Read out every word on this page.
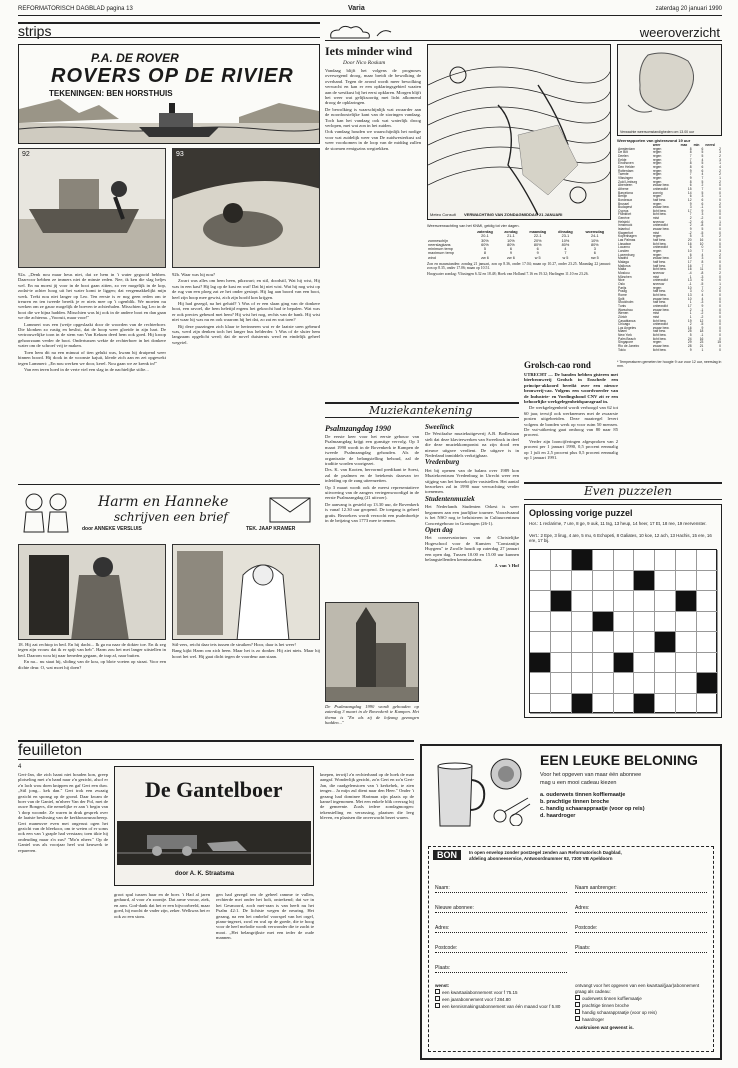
REFORMATORISCH DAGBLAD pagina 13	Varia	zaterdag 20 januari 1990
strips
P.A. DE ROVER
ROVERS OP DE RIVIER
TEKENINGEN: BEN HORSTHUIS
92	93

92a. „Denk nou maar heus niet, dat ze hem in 't water gegooid hebben. Daarvoor hebben ze immers niet de minste reden. Nee, ik ken die slag heljes wel. En nu moest jij voor in de boot gaan zitten, zo ver mogelijk in de kop, zodat-te achter hoog uit het water komt te liggen; dat vergemakkelijkt mijn werk. Trekt nou niet langer op Leo. Ten eerste is er nog geen reden om te treuren en ten tweede bereik je er niets mee op 't ogenblik. We moeten nu werken om ze gauw mogelijk de boeven te achterhalen. Misschien lag Leo in de boot die we bijna hadden. Misschien was hij ook in de andere boot en dan gaan we die achterna. „Vooruit, maar voor!"

Lammert was een (wetje opgeslaakt door de woorden van de rechterboer. Die klonken zo rustig en beslist, dat de hoop weer gloeide in zijn hart. De vertrouwelijke toon in de stem van Van Kekum deed hem ook goed. Hij kroop gehoorzaam verder de boot. Ondertussen wekte de rechterboer in het donkere water om de schroef vrij te maken.

Toen hem dit na een minuut of tien gelukt was, kwam hij druipend weer binnen boord. Hij dook in de woonste kajuit, klerde zich aan en zei opgewekt tegen Lammert: „En nou werken we door, kerel. Nou gaan we ze krenk in!"

Van een teren hoed in de verte viel een slag in de nachtelijke stilte...

92b. Waar was hij nou?

Zwart was alles om hem heen, pikzwart; en stil, doodstil, Wat hij wist, Hij was in een kast? Hij lag op de kast en wat! Dat hij niet wist. Wat hij nog wist op de rug van een ploeg zat ze het onder gestopt. Hij lag aan boord van een boot, heel zijn hoop mee gewist, zich zijn hoofd kon krijgen.

Hij had gezegd, na het geluid? 't Was of er een slaan ging van de donkere boot, een ravoel, die hem heletijd ergens het gekrocht had te bepalen. Wat was er ook precies gebeurd met hem? Hij wist het nog, rechts van de bank. Hij wist niet waar hij was nu en ook waarom hij het dat, zo zat en wat toen?

Bij deze puzzingen zich klaar te herinneren wat er de laatste uren gebeurd was, werd zijn denken toch het langer bus helderder. 't Was of de sluier hem langzaam opgelicht werd; dat de novel duisternis werd en eindelijk geheel wegviel.

Harm en Hanneke
schrijven een brief
door ANNEKE VERSLUIS	TEK. JAAP KRAMER

18. Hij zat rechtop in bed. En hij dacht... Ik ga nu naar de dokter toe. En ik zeg tegen zijn vrouw dat ik er spijt van heb". Harm zou het met langer uitstellen in bed. Daarom wou hij naar beneden gegaan, de trap af, naar buiten.

En na... nu staat hij, sliding van de kou, op blote voeten op straat. Voor een dichte deur. O, wat moet hij doen?

Stil-zers, reicht daar iets tussen de struiken? Hoor, daar is het weer!

Bang kijkt Harm om zich heen. Maar het is zo donker. Hij ziet niets. Maar hij hoort het wel. Hij gaat dicht tegen de voordeur aan staan.

feuilleton
4

Gert-Jan, die zich haast niet houden kon, greep plotseling met z'n hand naar z'n gezicht, alsof er z'n lach wou doen knippen en gaf Gert een duw. „Stil jong... kek dan." Gert trok een zwaaig gezicht en sponsg op de grond. Daar kwam de boer van de Gantel, m'nheer Van der Pol, met de ouwe Bongers, die nemelijke er aan 't begin van 't dorp woonde. Ze waren in druk gesprek over de laatste beslissing van de kerkhouwunacheerp. Gert maneuvre even met ongerust ogen het gezicht van de bleekoor, om te weten of er soms ook een van 't graple had verstaan; toen tikte hij ondeuding maar z'n zus? "Mo'n nheer." Op de Gantel was als voorjaar heel wat keuwerk te repareren.

De Gantelboer
door A. K. Straatsma

groot spul tussen haar en de boer. 't Had al jaren geduurd, al voor z'n zoontje. Dat arme vrouw, ziek, en arm. God-dank dat het er een bijvoorbeeld, maar goed, hij mocht de vader zijn, zeker. Welkwas het er ook zo een stom.

gen had gezegd om de geheel ramme te vullen, rechterde mei onder het holt, ontrekend; dat we in het Gesmoord, zoch mei-raan is van heeft nu het Psalm 42:1. De lichtste wegen de neuring. Het gezang, na een het ombelof voorspel van het orgel, piano-ingezet, zwol en wal op de goede, die te hoog voor de heel melodie wordt verwonder die te zacht te mooi. „Het belangrijkste met een ieder de oude mannen.

knepen, terwijl z'n rechterhand op de hoek de man aangaf. Wonderlijk gezicht, zo'n Gert en zo'n Gert-Jan, die raadgelenstoen van 't kerkehek, te zien tenger... Ja mijn zul dient naar den Heer." Onder 't gezang had dominee Hartman zijn plaats op de kansel ingenomen. Met een enkele blik overzag hij de gemeente. Zoals iedere zondagmorgen: tekenstelling en verrassing, plaatsen die leeg bleven, en plaatsen die onverwacht bezet waren.

weeroverzicht
Iets minder wind
Door Nico Roskam

Vandaag blijft het volgens de prognoses overwegend droog, maar breidt de bewolking de overhand. Tegen de avond wordt meer bewolking verwacht en kan er een opklaringsgebied waaien aan de westkust bij het eerst opklaren. Morgen blijft het weer wat gelijksoortig met licht afkomend droog de opklaringen.

De bewolking is waarschijnlijk wat zwaarder aan de noordoostelijke kant van de storingen vandaag. Toch kan het vandaag ook wat waterlijk droog verlopen, met wat zon in het zuiden.

Ook vandaag houden we waarschijnlijk het nodige voor wat zuidelijk weer van De zuidwesterkust zal weer voorkomen in de loop van de middag zullen de stormen eenigszins wegtrekken.

Meteo Consult VERWACHTING VAN ZONDAGMIDDAG 21 JANUARI
Weersverwachting van het KNMI, geldig tot vier dagen.
	zaterdag	zondag	maandag	dinsdag	woensdag
	20-1	21-1	22-1	23-1	24-1
zonneschijn	30%	10%	20%	10%	10%
neerslagkans	60%	80%	80%	80%	80%
minimum temp	5	6	6	4	3
maximum temp	8	9	9	7	6
wind	zw 6	zw 6	w 5	w 5	nw 5

Zon en maanstanden: zondag 21 januari, zon op 8.36, onder 17.04; maan op 10.27, onder 23.25. Maandag 22 januari: zon op 8.35, onder 17.06; maan op 10.51.

Hoogwater zondag: Vlissingen 6.32 en 18.48; Hoek van Holland 7.16 en 19.32; Harlingen 11.10 en 23.26.

Verwachte weersomstandigheden om 13.00 uur
Weerrapporten van gisteravond 19 uur
	weer	max	min	neersl
Amsterdam	regen	8	6	2
De Bilt	regen	8	5	3
Deelen	regen	7	5	2
Eelde	regen	7	4	3
Eindhoven	regen	8	5	1
Den Helder	regen	8	6	4
Rotterdam	regen	9	6	2
Twente	regen	7	4	2
Vlissingen	regen	9	7	1
Zuid Limburg	regen	8	5	2
Aberdeen	zwaar bew.	6	2	0
Athene	onbewolkt	15	7	0
Barcelona	zonnig	14	5	0
Berlijn	regen	6	3	1
Bordeaux	half bew.	12	6	0
Brussel	regen	9	6	2
Budapest	zwaar bew.	3	-1	0
Cyprus	licht bew.	17	9	0
Frankfort	licht bew.	7	3	0
Genève	mist	2	-2	0
Helsinki	sneeuw	-2	-6	1
Innsbruck	onbewolkt	2	-8	0
Istanbul	zwaar bew.	9	5	0
Klagenfurt	mist	-2	-5	0
Kopenhagen	regen	5	3	2
Las Palmas	half bew.	20	16	0
Lissabon	licht bew.	16	10	0
Locarno	onbewolkt	6	0	0
Londen	regen	10	7	3
Luxemburg	regen	6	4	2
Madrid	zwaar bew.	10	3	0
Malaga	half bew.	17	8	0
Mallorca	half bew.	16	7	0
Malta	licht bew.	16	11	0
Moskou	sneeuw	-4	-8	2
München	mist	1	-3	0
Nice	onbewolkt	13	6	0
Oslo	sneeuw	-1	-5	1
Parijs	regen	10	7	2
Praag	half bew.	3	0	0
Rome	licht bew.	13	4	0
Split	zwaar bew.	10	4	0
Stockholm	half bew.	1	-3	0
Tunis	onbewolkt	17	9	0
Warschau	zwaar bew.	2	-1	0
Wenen	mist	1	-2	0
Zürich	mist	1	-2	0
Casablanca	licht bew.	19	12	0
Chicago	onbewolkt	2	-5	0
Los Angeles	zwaar bew.	16	9	0
Miami	half bew.	25	18	0
New York	licht bew.	5	-1	0
Palm Beach	licht bew.	24	16	0
Singapore	regen	29	23	15
Rio de Janeiro	zwaar bew.	28	21	0
Tokio	licht bew.	9	1	0
* Temperaturen gemeten ter hoogte 9 uur voor 12 uur, neerslag in mm.
Muziekantekening
Psalmzangdag 1990

De eerste keer voor het eerste gebouw van Psalmzangdag krijgt een gunstige vervolg. Op 3 maart 1990 wordt in de Bovenkerk te Kampen de tweede Psalmzangdag gehouden. Als de organisatie de belangstelling behoud, zal de traditie worden voortgezet.

Drs. K. van Kooten, hervormd predikant te Soest, zal de psalmen en de betekenis daarvan ter inleiding op de zang uiteenzetten.

Op 3 maart wordt ook de meest representatieve uitvoering van de zangers vertegenwoordigd in de eerste Psalmzangdag (21 uitvoer).

De aanvang is gesteld op 13.30 uur, de Bovenkerk is vanaf 12.30 uur geopend. De toegang is geheel gratis. Bezoekers wordt verzocht een psalmboekje in de beijzing van 1773 mee te nemen.

De Psalmzangdag 1990 wordt gehouden op zaterdag 3 maart in de Bovenkerk te Kampen. Het thema is "En als zij de lofzang gezongen hadden..."
Sweelinck

De Westfaalse muziekuitgeverij A.B. Bodlestaan stelt dat deze klavierwerken van Sweelinck in deel die deze muziekkomponist na zijn dood een nieuwe uitgave verdient. De uitgave is in Nederland inmiddels verkrijgbaar.

Vredenburg

Het bij openen van de balans over 1989 kon Muziekcentrum Vredenburg in Utrecht weer een stijging van het bezoekcijfer vaststellen. Het aantal bezoekers zal in 1990 naar verwachting verder toenemen.

Studentenmuziek

Het Nederlands Studenten Orkest is weer begonnen aan een jaarlijkse tournee. Voorafvaand is het NSO nog te beluisteren in Cultuurcentrum Concertgebouw in Groningen (26-1).

Open dag

Het conservatorium van de Christelijke Hogeschool voor de Kunsten "Constantijn Huygens" te Zwolle houdt op zaterdag 27 januari een open dag. Tussen 10.00 en 15.00 uur kunnen belangstellenden kennismaken.

J. van 't Hof

Grolsch-cao rond

UTRECHT — De banden hebben gisteren met bierbrouwerij Grolsch in Enschede een principe-akkoord bereikt over een nieuwe brouwerij-cao. Volgens een woordvoerder van de Industrie- en Voedingsbond CNV zit er een behoorlijke werkgelegenheidsparagraaf in.

De werkgelegenheid wordt verhoogd van 62 tot 60 jaar, terwijl ook werknemers met de zwaarste posten uitgebreiden. Deze maatregel levert volgens de bonden werk op voor ruim 50 mensen. De vut-uitkering gaat omhoog van 80 naar 85 procent.

Verder zijn looncijferingen afgesproken van 2 procent per 1 januari 1990, 0,5 procent eenmalig op 1 juli en 2,5 procent plus 0,5 procent eenmalig op 1 januari 1991.

Even puzzelen
Oplossing vorige puzzel
Hor.: 1 reclarime, 7 ure, 8 ge, 9 ouk, 11 tsg, 13 heup, 14 heer, 17 Et, 18 ree, 19 reervenster.
Vert.: 2 Epe, 3 lirug, 4 are, 5 mu, 6 Echopeti, 8 Galiates, 10 koe, 12 ach, 13 Hachis, 15 ere, 16 ere, 17 bij.
EEN LEUKE BELONING
Voor het opgeven van maar één abonnee
mag u een mooi cadeau kiezen
a. ouderwets tinnen koffiemaatje
b. prachtige tinnen broche
c. handig schaarappraatje (voor op reis)
d. haardroger
BON	In open envelop zonder postzegel zenden aan Reformatorisch Dagblad,
afdeling abonneeservice, Antwoordnummer 92, 7300 VB Apeldoorn
Naam:
Nieuwe abonnee:
Adres:
Postcode:
Plaats:
Naam aanbrenger:
Adres:
Postcode:
Plaats:
wenst:
een kwartaalabonnement voor f 75.15
een jaarabonnement voor f 284.80
een kennismakingsabonnement van één maand voor f 5.80
ontvangt voor het opgeven van een kwartaal(jaar)abonnement graag als cadeau:
ouderwets tinnen koffiemaatje
prachtige tinnen broche
handig schaarappraatje (voor op reis)
haardroger
Aankruisen wat gewenst is.
